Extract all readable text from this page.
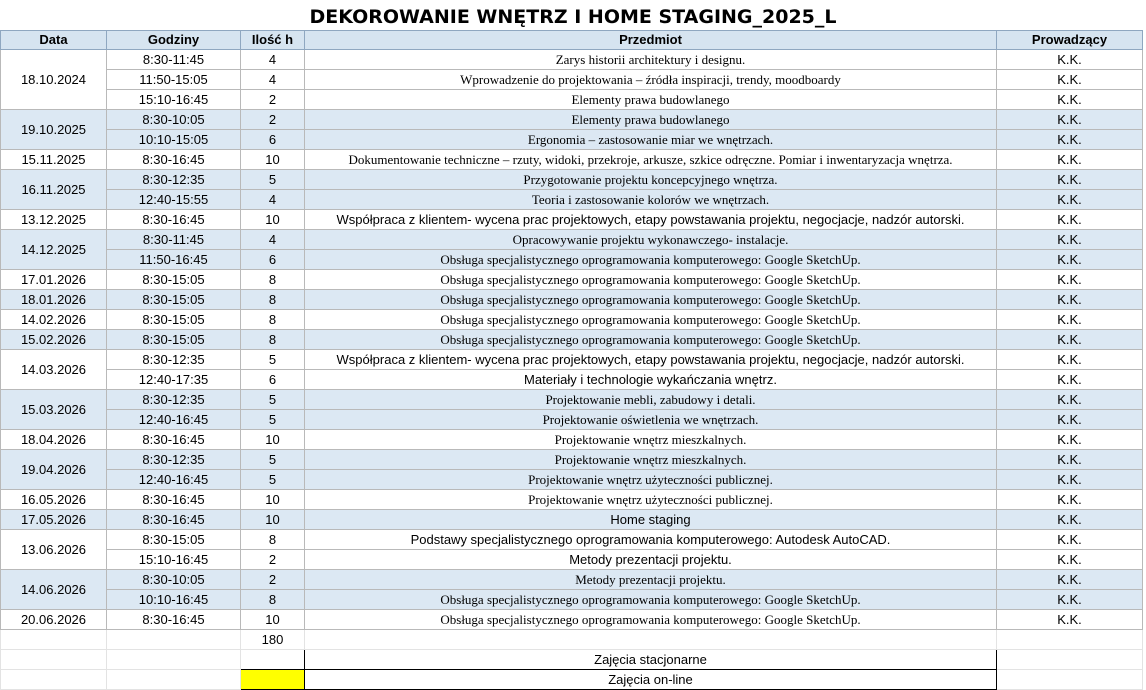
DEKOROWANIE WNĘTRZ I HOME STAGING_2025_L
Data	Godziny	Ilość h	Przedmiot	Prowadzący
18.10.2024	8:30-11:45	4	Zarys historii architektury i designu.	K.K.
	11:50-15:05	4	Wprowadzenie do projektowania – źródła inspiracji, trendy, moodboardy	K.K.
	15:10-16:45	2	Elementy prawa budowlanego	K.K.
19.10.2025	8:30-10:05	2	Elementy prawa budowlanego	K.K.
	10:10-15:05	6	Ergonomia – zastosowanie miar we wnętrzach.	K.K.
15.11.2025	8:30-16:45	10	Dokumentowanie techniczne – rzuty, widoki, przekroje, arkusze, szkice odręczne. Pomiar i inwentaryzacja wnętrza.	K.K.
16.11.2025	8:30-12:35	5	Przygotowanie projektu koncepcyjnego wnętrza.	K.K.
	12:40-15:55	4	Teoria i zastosowanie kolorów we wnętrzach.	K.K.
13.12.2025	8:30-16:45	10	Współpraca z klientem- wycena prac projektowych, etapy powstawania projektu, negocjacje, nadzór autorski.	K.K.
14.12.2025	8:30-11:45	4	Opracowywanie projektu wykonawczego- instalacje.	K.K.
	11:50-16:45	6	Obsługa specjalistycznego oprogramowania komputerowego: Google SketchUp.	K.K.
17.01.2026	8:30-15:05	8	Obsługa specjalistycznego oprogramowania komputerowego: Google SketchUp.	K.K.
18.01.2026	8:30-15:05	8	Obsługa specjalistycznego oprogramowania komputerowego: Google SketchUp.	K.K.
14.02.2026	8:30-15:05	8	Obsługa specjalistycznego oprogramowania komputerowego: Google SketchUp.	K.K.
15.02.2026	8:30-15:05	8	Obsługa specjalistycznego oprogramowania komputerowego: Google SketchUp.	K.K.
14.03.2026	8:30-12:35	5	Współpraca z klientem- wycena prac projektowych, etapy powstawania projektu, negocjacje, nadzór autorski.	K.K.
	12:40-17:35	6	Materiały i technologie wykańczania wnętrz.	K.K.
15.03.2026	8:30-12:35	5	Projektowanie mebli, zabudowy i detali.	K.K.
	12:40-16:45	5	Projektowanie oświetlenia we wnętrzach.	K.K.
18.04.2026	8:30-16:45	10	Projektowanie wnętrz mieszkalnych.	K.K.
19.04.2026	8:30-12:35	5	Projektowanie wnętrz mieszkalnych.	K.K.
	12:40-16:45	5	Projektowanie wnętrz użyteczności publicznej.	K.K.
16.05.2026	8:30-16:45	10	Projektowanie wnętrz użyteczności publicznej.	K.K.
17.05.2026	8:30-16:45	10	Home staging	K.K.
13.06.2026	8:30-15:05	8	Podstawy specjalistycznego oprogramowania komputerowego: Autodesk AutoCAD.	K.K.
	15:10-16:45	2	Metody prezentacji projektu.	K.K.
14.06.2026	8:30-10:05	2	Metody prezentacji projektu.	K.K.
	10:10-16:45	8	Obsługa specjalistycznego oprogramowania komputerowego: Google SketchUp.	K.K.
20.06.2026	8:30-16:45	10	Obsługa specjalistycznego oprogramowania komputerowego: Google SketchUp.	K.K.
		180		
			Zajęcia stacjonarne	
			Zajęcia on-line	
